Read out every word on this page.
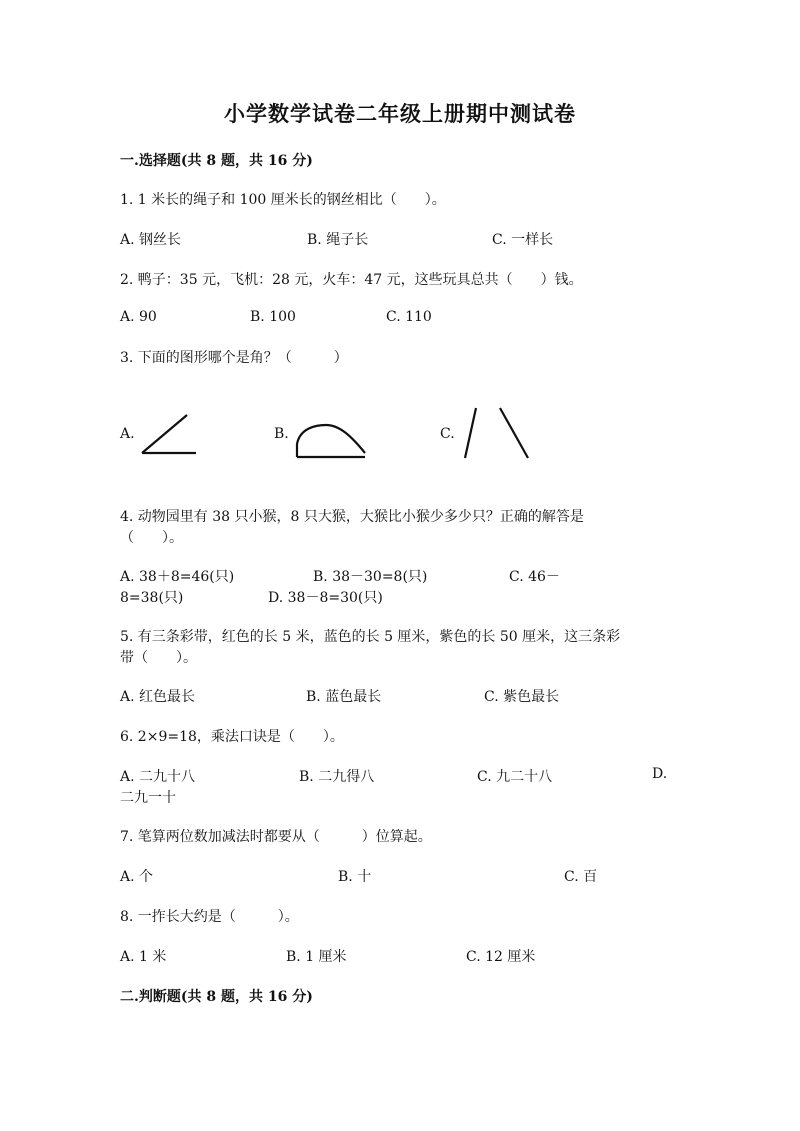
小学数学试卷二年级上册期中测试卷
一.选择题(共 8 题，共 16 分)
1. 1 米长的绳子和 100 厘米长的钢丝相比（　　）。
A. 钢丝长	B. 绳子长	C. 一样长
2. 鸭子：35 元，飞机：28 元，火车：47 元，这些玩具总共（　　）钱。
A. 90	B. 100	C. 110
3. 下面的图形哪个是角？（　　　）
A.	B.	C.
4. 动物园里有 38 只小猴，8 只大猴，大猴比小猴少多少只？正确的解答是
（　　）。
A. 38＋8=46(只)	B. 38－30=8(只)	C. 46－
8=38(只)	D. 38－8=30(只)
5. 有三条彩带，红色的长 5 米，蓝色的长 5 厘米，紫色的长 50 厘米，这三条彩
带（　　）。
A. 红色最长	B. 蓝色最长	C. 紫色最长
6. 2×9=18，乘法口诀是（　　）。
A. 二九十八	B. 二九得八	C. 九二十八	D.
二九一十
7. 笔算两位数加减法时都要从（　　　）位算起。
A. 个	B. 十	C. 百
8. 一拃长大约是（　　　）。
A. 1 米	B. 1 厘米	C. 12 厘米
二.判断题(共 8 题，共 16 分)
